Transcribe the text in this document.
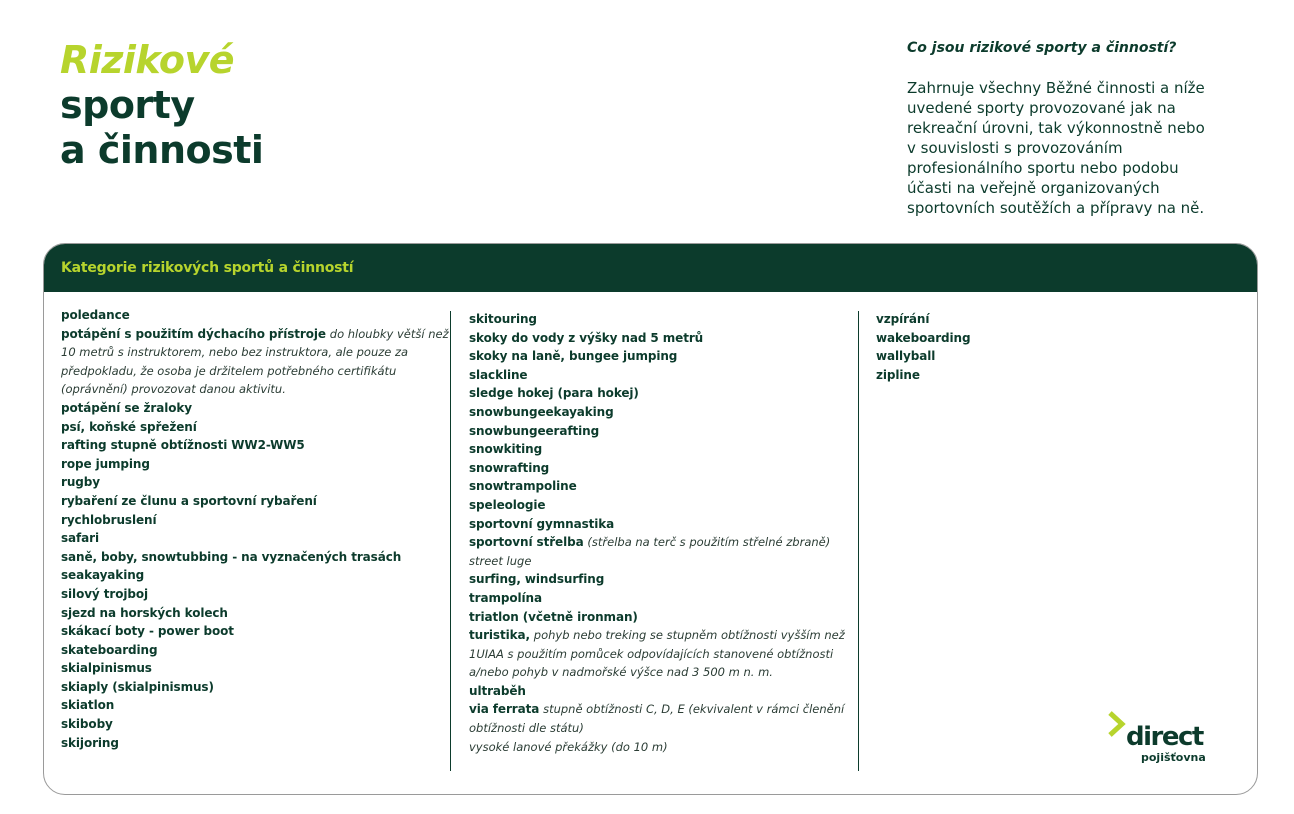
Rizikové
sporty
a činnosti

Co jsou rizikové sporty a činností?

Zahrnuje všechny Běžné činnosti a níže
uvedené sporty provozované jak na
rekreační úrovni, tak výkonnostně nebo
v souvislosti s provozováním
profesionálního sportu nebo podobu
účasti na veřejně organizovaných
sportovních soutěžích a přípravy na ně.
Kategorie rizikových sportů a činností

poledance

potápění s použitím dýchacího přístroje do hloubky větší než 10 metrů s instruktorem, nebo bez instruktora, ale pouze za předpokladu, že osoba je držitelem potřebného certifikátu (oprávnění) provozovat danou aktivitu.

potápění se žraloky

psí, koňské spřežení

rafting stupně obtížnosti WW2-WW5

rope jumping

rugby

rybaření ze člunu a sportovní rybaření

rychlobruslení

safari

saně, boby, snowtubbing - na vyznačených trasách

seakayaking

silový trojboj

sjezd na horských kolech

skákací boty - power boot

skateboarding

skialpinismus

skiaply (skialpinismus)

skiatlon

skiboby

skijoring

skitouring

skoky do vody z výšky nad 5 metrů

skoky na laně, bungee jumping

slackline

sledge hokej (para hokej)

snowbungeekayaking

snowbungeerafting

snowkiting

snowrafting

snowtrampoline

speleologie

sportovní gymnastika

sportovní střelba (střelba na terč s použitím střelné zbraně)

street luge

surfing, windsurfing

trampolína

triatlon (včetně ironman)

turistika, pohyb nebo treking se stupněm obtížnosti vyšším než 1UIAA s použitím pomůcek odpovídajících stanovené obtížnosti a/nebo pohyb v nadmořské výšce nad 3 500 m n. m.

ultraběh

via ferrata stupně obtížnosti C, D, E (ekvivalent v rámci členění obtížnosti dle státu)

vysoké lanové překážky (do 10 m)

vzpírání

wakeboarding

wallyball

zipline

direct
pojišťovna
